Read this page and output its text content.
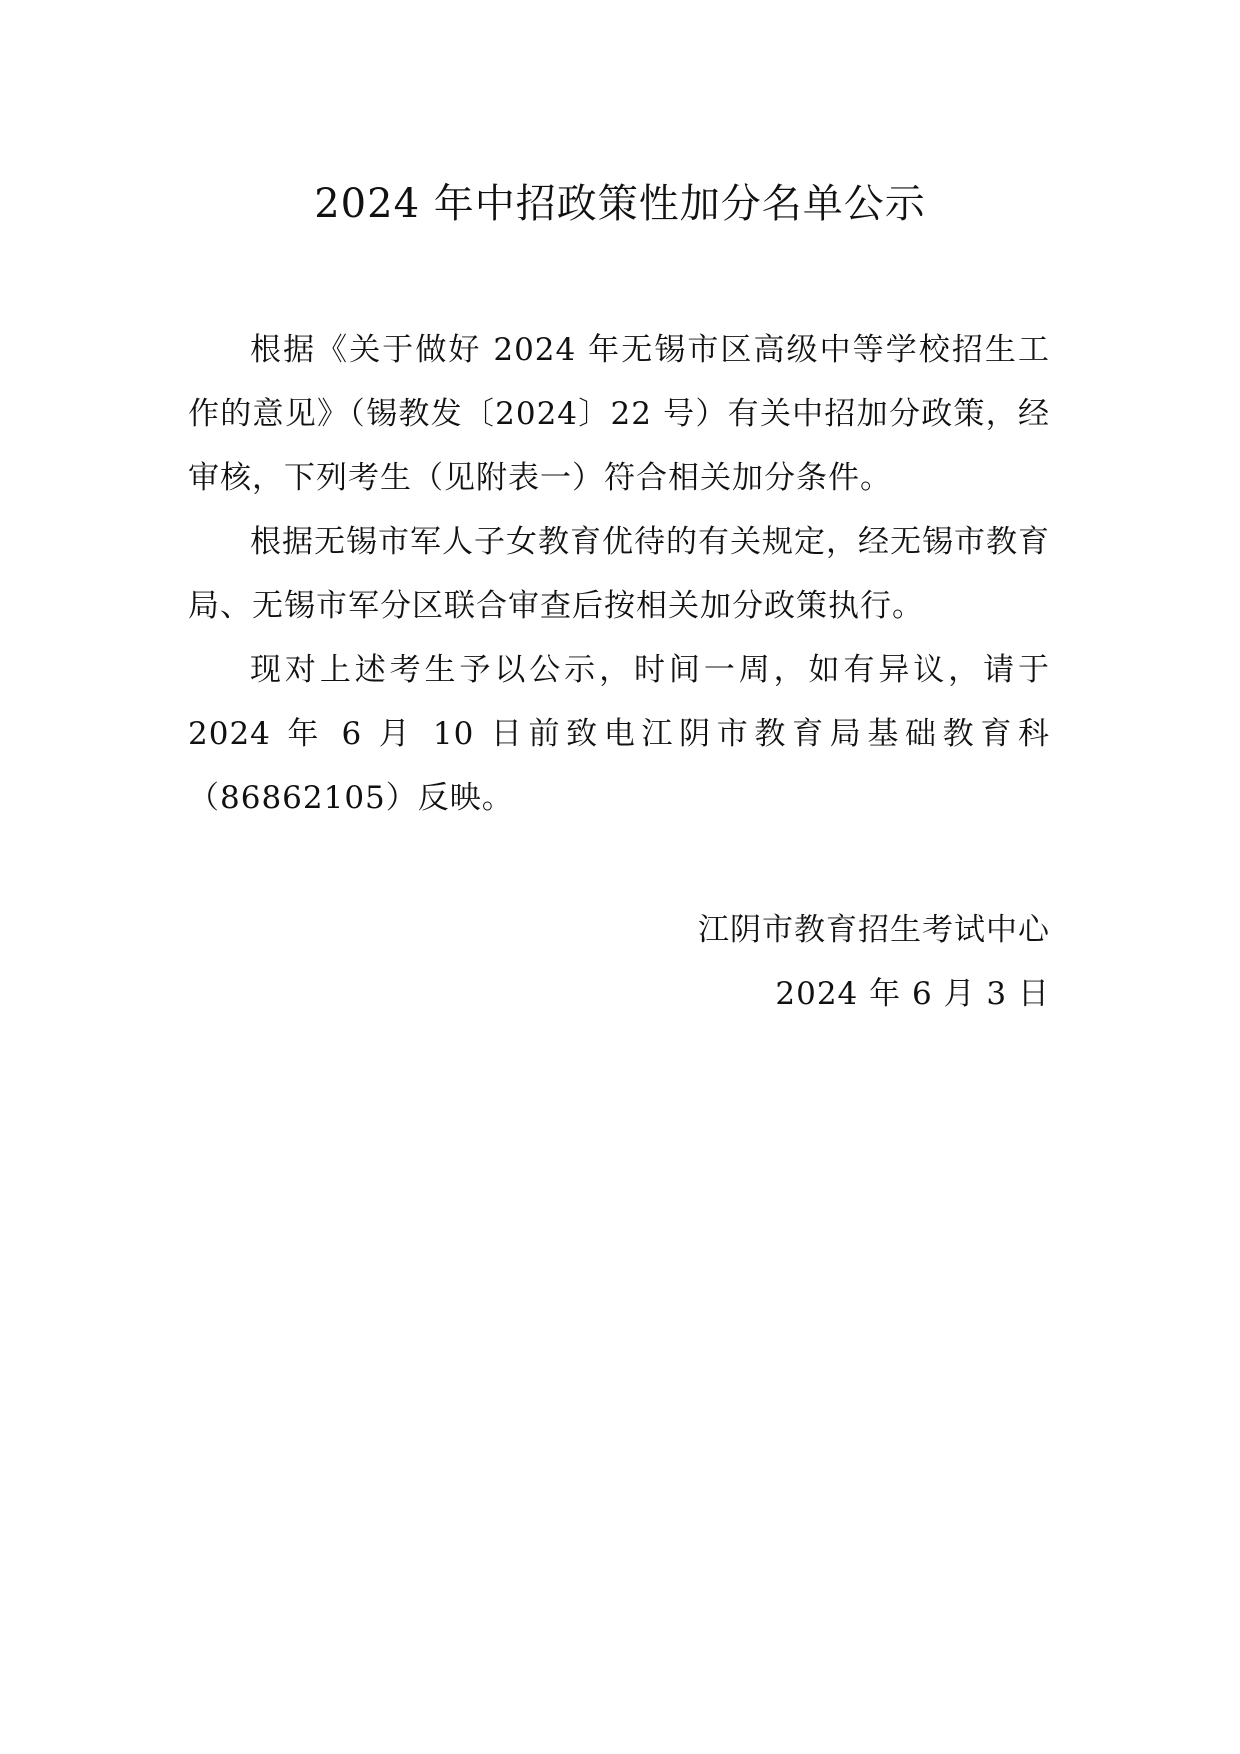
2024 年中招政策性加分名单公示

根据《关于做好 2024 年无锡市区高级中等学校招生工作的意见》（锡教发〔2024〕22 号）有关中招加分政策，经审核，下列考生（见附表一）符合相关加分条件。

根据无锡市军人子女教育优待的有关规定，经无锡市教育局、无锡市军分区联合审查后按相关加分政策执行。

现对上述考生予以公示，时间一周，如有异议，请于 2024 年 6 月 10 日前致电江阴市教育局基础教育科（86862105）反映。

江阴市教育招生考试中心
2024 年 6 月 3 日
